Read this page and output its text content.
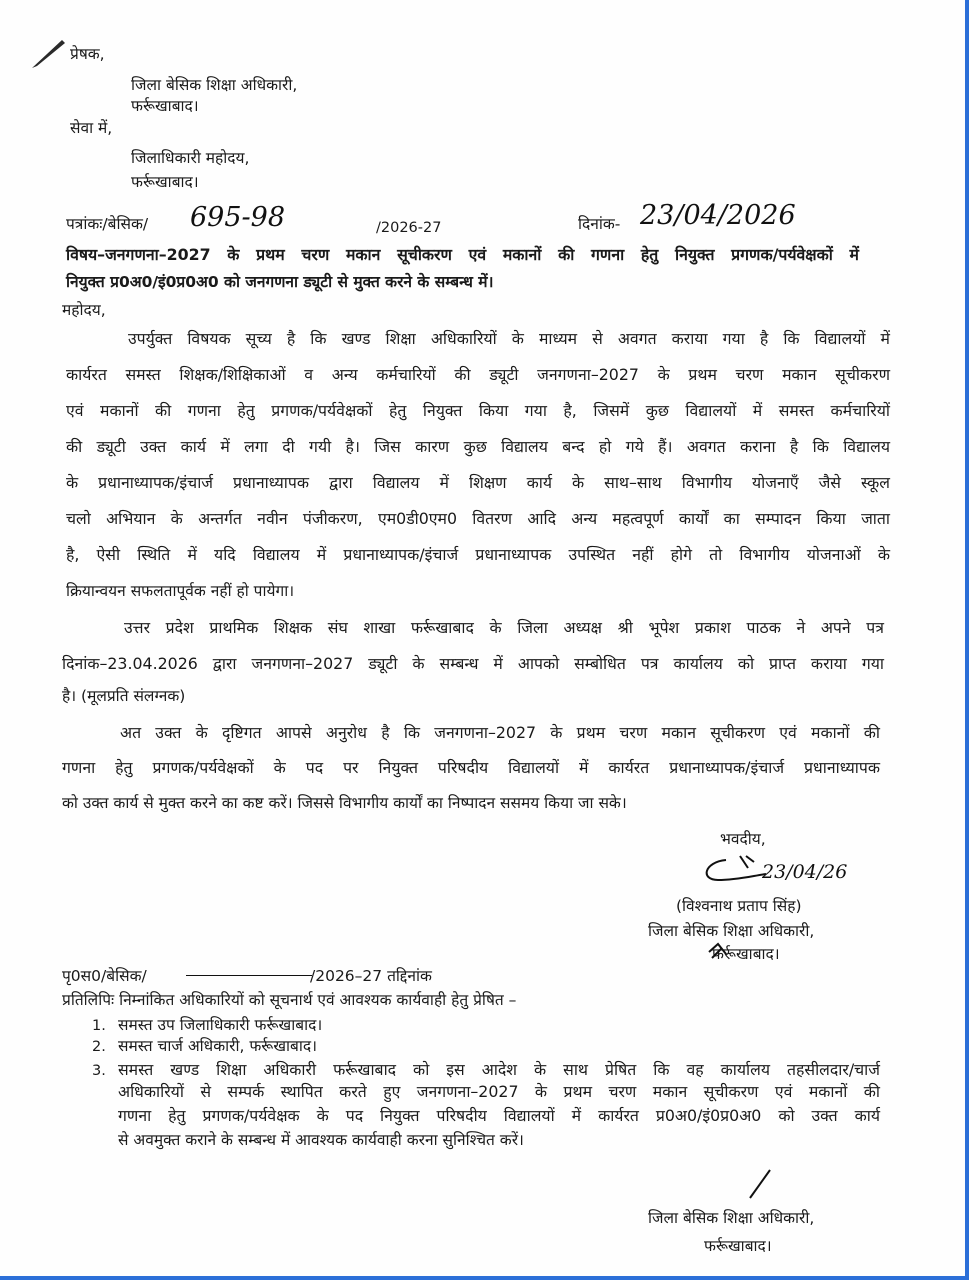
प्रेषक,
जिला बेसिक शिक्षा अधिकारी,
फर्रूखाबाद।
सेवा में,
जिलाधिकारी महोदय,
फर्रूखाबाद।
पत्रांकः/बेसिक/ 695-98	/2026-27	दिनांक- 23/04/2026
विषय–जनगणना–2027 के प्रथम चरण मकान सूचीकरण एवं मकानों की गणना हेतु नियुक्त प्रगणक/पर्यवेक्षकों में
नियुक्त प्र0अ0/इं0प्र0अ0 को जनगणना ड्यूटी से मुक्त करने के सम्बन्ध में।
महोदय,
उपर्युक्त विषयक सूच्य है कि खण्ड शिक्षा अधिकारियों के माध्यम से अवगत कराया गया है कि विद्यालयों में
कार्यरत समस्त शिक्षक/शिक्षिकाओं व अन्य कर्मचारियों की ड्यूटी जनगणना–2027 के प्रथम चरण मकान सूचीकरण
एवं मकानों की गणना हेतु प्रगणक/पर्यवेक्षकों हेतु नियुक्त किया गया है, जिसमें कुछ विद्यालयों में समस्त कर्मचारियों
की ड्यूटी उक्त कार्य में लगा दी गयी है। जिस कारण कुछ विद्यालय बन्द हो गये हैं। अवगत कराना है कि विद्यालय
के प्रधानाध्यापक/इंचार्ज प्रधानाध्यापक द्वारा विद्यालय में शिक्षण कार्य के साथ–साथ विभागीय योजनाएँ जैसे स्कूल
चलो अभियान के अन्तर्गत नवीन पंजीकरण, एम0डी0एम0 वितरण आदि अन्य महत्वपूर्ण कार्यों का सम्पादन किया जाता
है, ऐसी स्थिति में यदि विद्यालय में प्रधानाध्यापक/इंचार्ज प्रधानाध्यापक उपस्थित नहीं होगे तो विभागीय योजनाओं के
क्रियान्वयन सफलतापूर्वक नहीं हो पायेगा।
उत्तर प्रदेश प्राथमिक शिक्षक संघ शाखा फर्रूखाबाद के जिला अध्यक्ष श्री भूपेश प्रकाश पाठक ने अपने पत्र
दिनांक–23.04.2026 द्वारा जनगणना–2027 ड्यूटी के सम्बन्ध में आपको सम्बोधित पत्र कार्यालय को प्राप्त कराया गया
है। (मूलप्रति संलग्नक)
अत उक्त के दृष्टिगत आपसे अनुरोध है कि जनगणना–2027 के प्रथम चरण मकान सूचीकरण एवं मकानों की
गणना हेतु प्रगणक/पर्यवेक्षकों के पद पर नियुक्त परिषदीय विद्यालयों में कार्यरत प्रधानाध्यापक/इंचार्ज प्रधानाध्यापक
को उक्त कार्य से मुक्त करने का कष्ट करें। जिससे विभागीय कार्यों का निष्पादन ससमय किया जा सके।
भवदीय,
23/04/26
(विश्वनाथ प्रताप सिंह)
जिला बेसिक शिक्षा अधिकारी,
फर्रूखाबाद।
पृ0स0/बेसिक/	/2026–27 तद्दिनांक
प्रतिलिपिः निम्नांकित अधिकारियों को सूचनार्थ एवं आवश्यक कार्यवाही हेतु प्रेषित –
1. समस्त उप जिलाधिकारी फर्रूखाबाद।
2. समस्त चार्ज अधिकारी, फर्रूखाबाद।
3. समस्त खण्ड शिक्षा अधिकारी फर्रूखाबाद को इस आदेश के साथ प्रेषित कि वह कार्यालय तहसीलदार/चार्ज
अधिकारियों से सम्पर्क स्थापित करते हुए जनगणना–2027 के प्रथम चरण मकान सूचीकरण एवं मकानों की
गणना हेतु प्रगणक/पर्यवेक्षक के पद नियुक्त परिषदीय विद्यालयों में कार्यरत प्र0अ0/इं0प्र0अ0 को उक्त कार्य
से अवमुक्त कराने के सम्बन्ध में आवश्यक कार्यवाही करना सुनिश्चित करें।
जिला बेसिक शिक्षा अधिकारी,
फर्रूखाबाद।
